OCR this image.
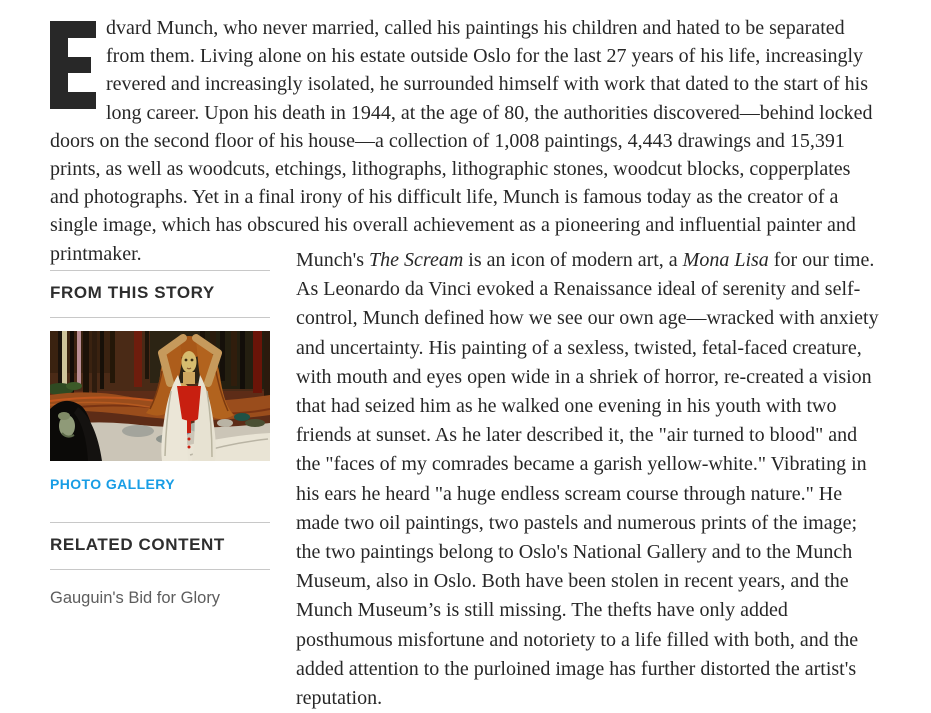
dvard Munch, who never married, called his paintings his children and hated to be separated from them. Living alone on his estate outside Oslo for the last 27 years of his life, increasingly revered and increasingly isolated, he surrounded himself with work that dated to the start of his long career. Upon his death in 1944, at the age of 80, the authorities discovered—behind locked doors on the second floor of his house—a collection of 1,008 paintings, 4,443 drawings and 15,391 prints, as well as woodcuts, etchings, lithographs, lithographic stones, woodcut blocks, copperplates and photographs. Yet in a final irony of his difficult life, Munch is famous today as the creator of a single image, which has obscured his overall achievement as a pioneering and influential painter and printmaker.

FROM THIS STORY
PHOTO GALLERY
RELATED CONTENT
Gauguin's Bid for Glory

Munch's The Scream is an icon of modern art, a Mona Lisa for our time. As Leonardo da Vinci evoked a Renaissance ideal of serenity and self-control, Munch defined how we see our own age—wracked with anxiety and uncertainty. His painting of a sexless, twisted, fetal-faced creature, with mouth and eyes open wide in a shriek of horror, re-created a vision that had seized him as he walked one evening in his youth with two friends at sunset. As he later described it, the "air turned to blood" and the "faces of my comrades became a garish yellow-white." Vibrating in his ears he heard "a huge endless scream course through nature." He made two oil paintings, two pastels and numerous prints of the image; the two paintings belong to Oslo's National Gallery and to the Munch Museum, also in Oslo. Both have been stolen in recent years, and the Munch Museum’s is still missing. The thefts have only added posthumous misfortune and notoriety to a life filled with both, and the added attention to the purloined image has further distorted the artist's reputation.
